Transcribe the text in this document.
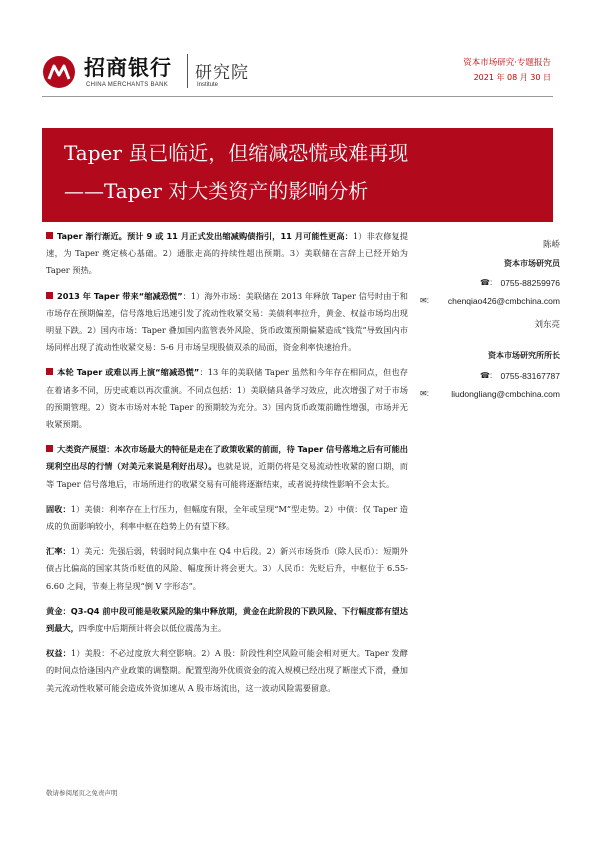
招商银行
CHINA MERCHANTS BANK
研究院
Institute
资本市场研究·专题报告
2021 年 08 月 30 日
Taper 虽已临近，但缩减恐慌或难再现
——Taper 对大类资产的影响分析

Taper 渐行渐近。预计 9 或 11 月正式发出缩减购债指引，11 月可能性更高：1）非农修复提速，为 Taper 奠定核心基础。2）通胀走高的持续性超出预期。3）美联储在言辞上已经开始为 Taper 预热。

2013 年 Taper 带来“缩减恐慌”：1）海外市场：美联储在 2013 年释放 Taper 信号时由于和市场存在预期偏差，信号落地后迅速引发了流动性收紧交易：美债利率拉升，黄金、权益市场均出现明显下跌。2）国内市场：Taper 叠加国内监管表外风险、货币政策预期偏紧造成“钱荒”导致国内市场同样出现了流动性收紧交易：5-6 月市场呈现股债双杀的局面，资金利率快速抬升。

本轮 Taper 或难以再上演“缩减恐慌”：13 年的美联储 Taper 虽然和今年存在相同点，但也存在着诸多不同，历史或难以再次重演。不同点包括：1）美联储具备学习效应，此次增强了对于市场的预期管理。2）资本市场对本轮 Taper 的预期较为充分。3）国内货币政策前瞻性增强，市场并无收紧预期。

大类资产展望：本次市场最大的特征是走在了政策收紧的前面，待 Taper 信号落地之后有可能出现利空出尽的行情（对美元来说是利好出尽）。也就是说，近期仍将是交易流动性收紧的窗口期，而等 Taper 信号落地后，市场所进行的收紧交易有可能将逐渐结束，或者说持续性影响不会太长。

固收：1）美债：利率存在上行压力，但幅度有限，全年或呈现“M”型走势。2）中债：仅 Taper 造成的负面影响较小，利率中枢在趋势上仍有望下移。

汇率：1）美元：先强后弱，转弱时间点集中在 Q4 中后段。2）新兴市场货币（除人民币）：短期外债占比偏高的国家其货币贬值的风险、幅度预计将会更大。3）人民币：先贬后升，中枢位于 6.55-6.60 之间，节奏上将呈现“倒 V 字形态”。

黄金：Q3-Q4 前中段可能是收紧风险的集中释放期，黄金在此阶段的下跌风险、下行幅度都有望达到最大，四季度中后期预计将会以低位震荡为主。

权益：1）美股：不必过度放大利空影响。2）A 股：阶段性利空风险可能会相对更大。Taper 发酵的时间点恰逢国内产业政策的调整期。配置型海外优质资金的流入规模已经出现了断崖式下滑，叠加美元流动性收紧可能会造成外资加速从 A 股市场流出，这一波动风险需要留意。

陈峤
资本市场研究员
☎: 0755-88259976
✉: chenqiao426@cmbchina.com
刘东亮
资本市场研究所所长
☎: 0755-83167787
✉:	liudongliang@cmbchina.com
敬请参阅尾页之免责声明
